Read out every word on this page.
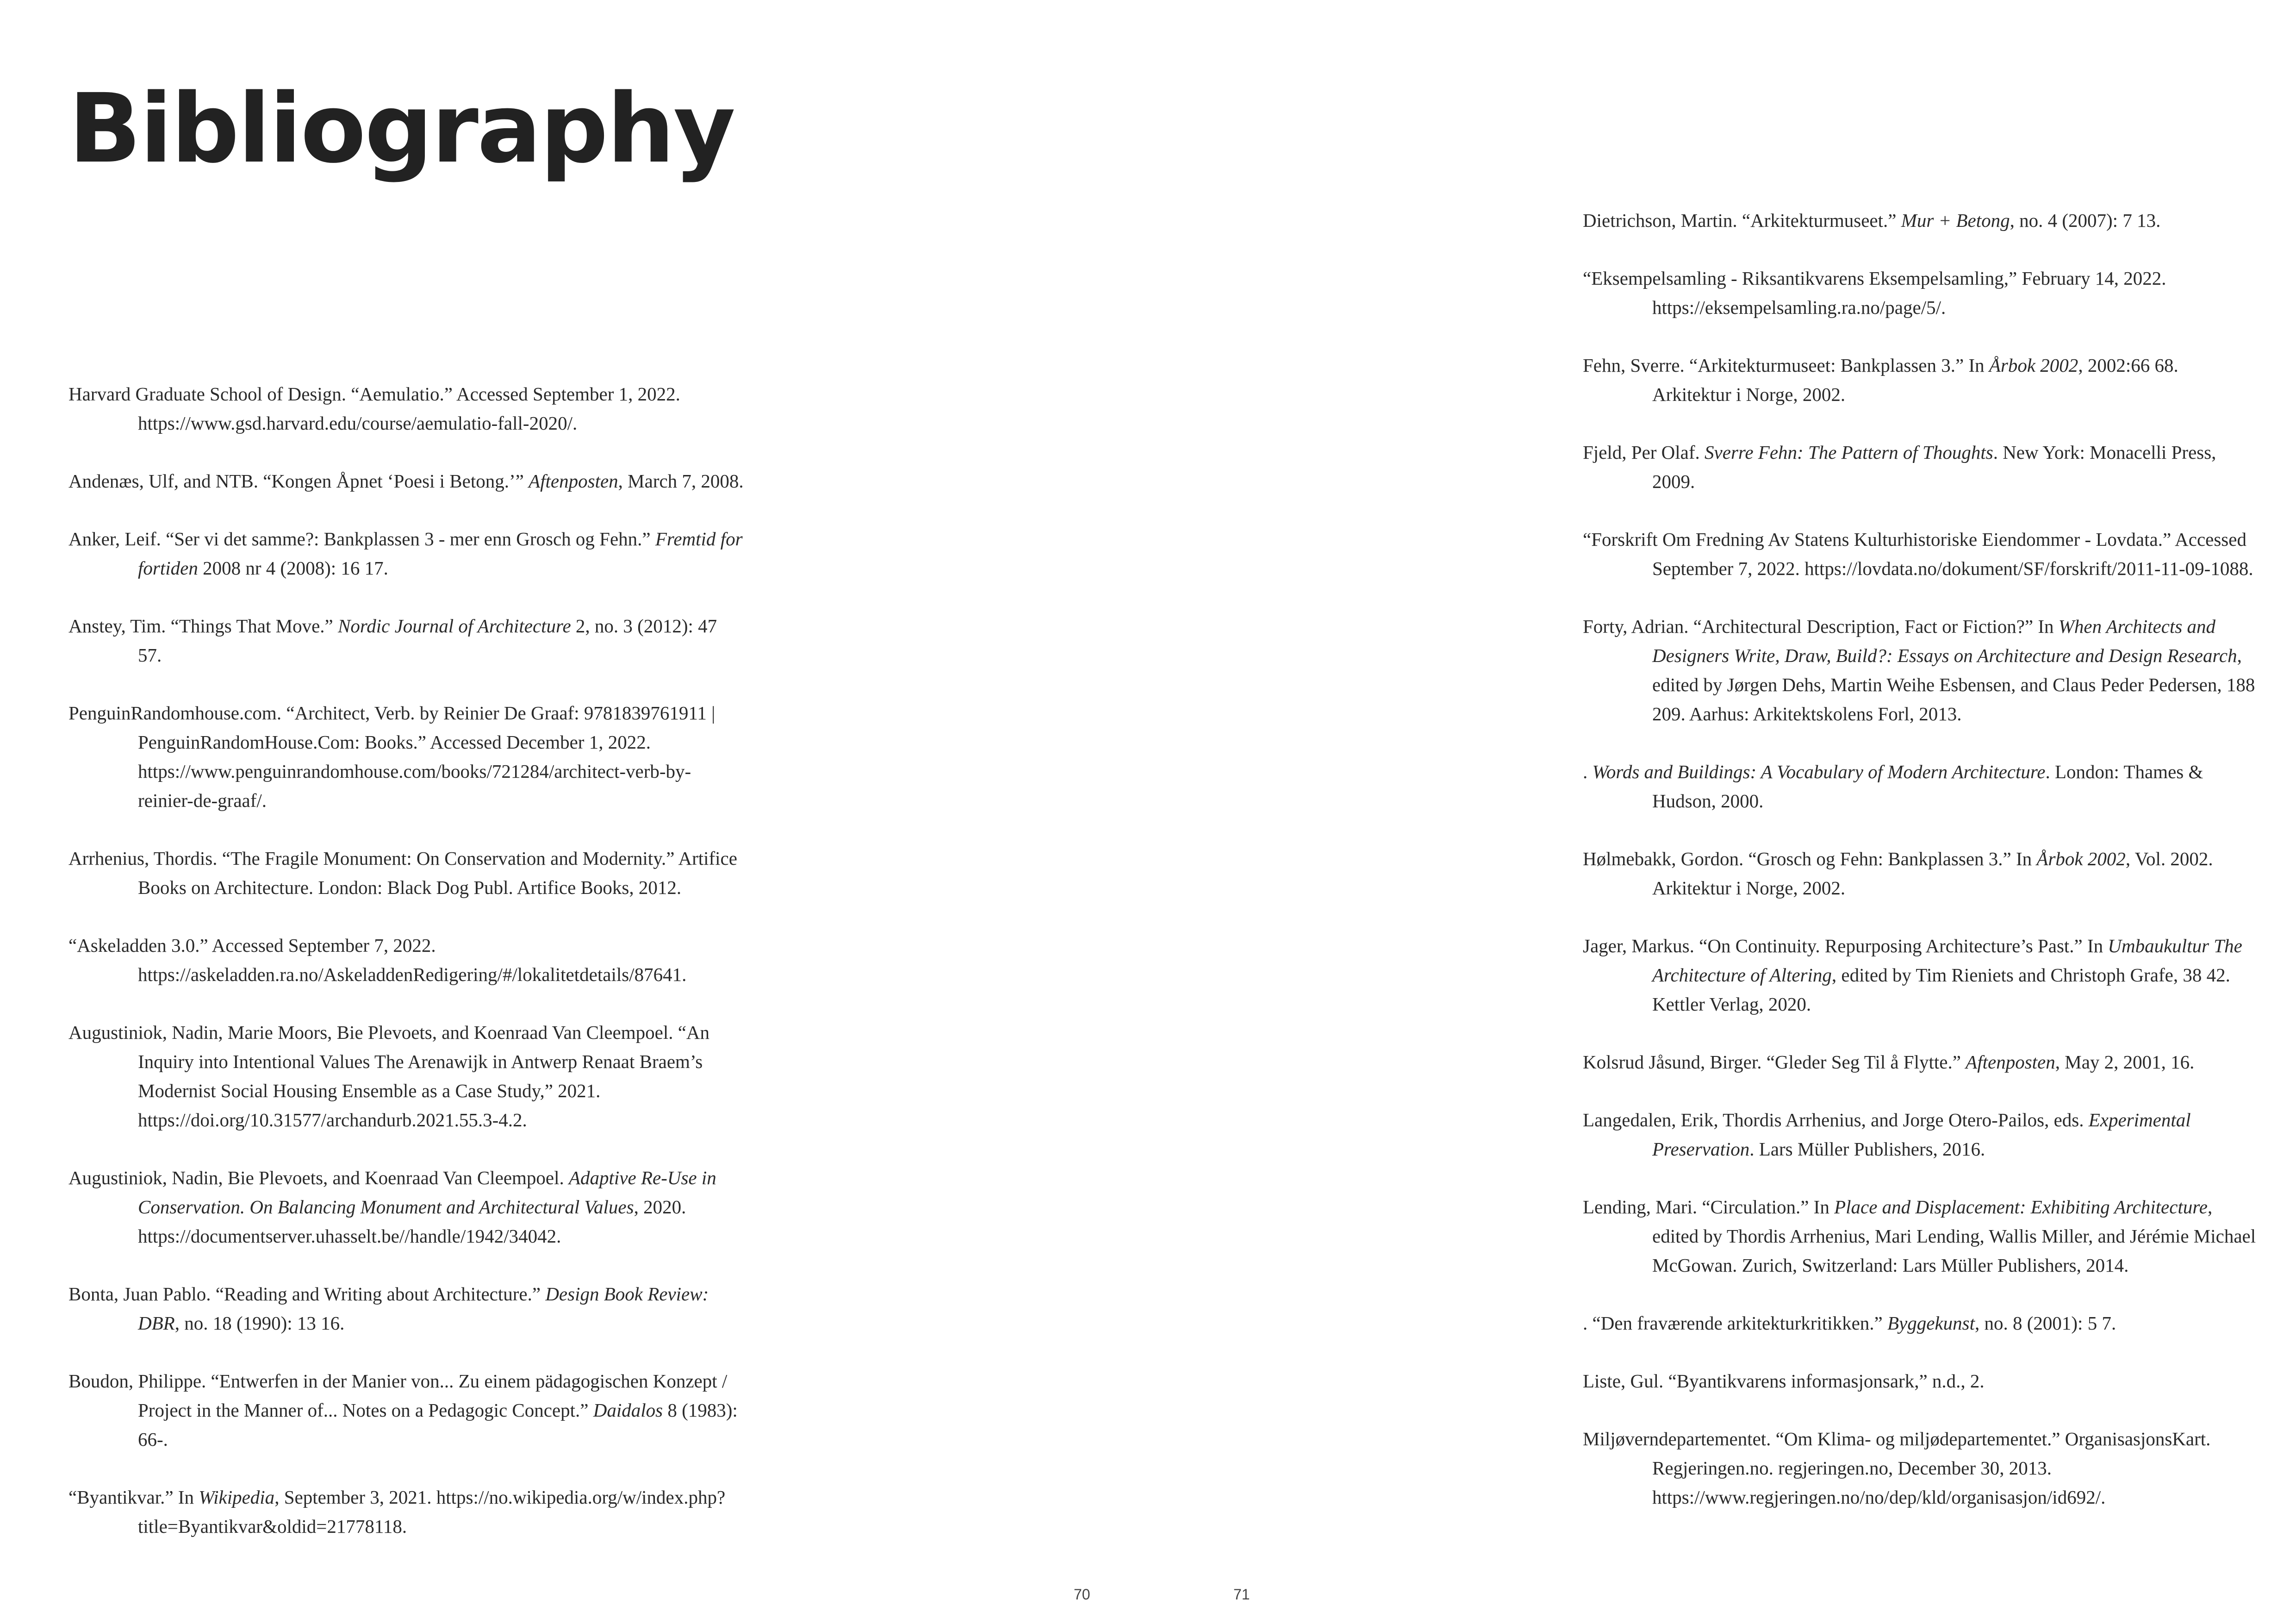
Bibliography

Harvard Graduate School of Design. “Aemulatio.” Accessed September 1, 2022. https://www.gsd.harvard.edu/course/aemulatio-fall-2020/.

Andenæs, Ulf, and NTB. “Kongen Åpnet ‘Poesi i Betong.’” Aftenposten, March 7, 2008.

Anker, Leif. “Ser vi det samme?: Bankplassen 3 - mer enn Grosch og Fehn.” Fremtid for fortiden 2008 nr 4 (2008): 16 17.

Anstey, Tim. “Things That Move.” Nordic Journal of Architecture 2, no. 3 (2012): 47 57.

PenguinRandomhouse.com. “Architect, Verb. by Reinier De Graaf: 9781839761911 | PenguinRandomHouse.Com: Books.” Accessed December 1, 2022. https://www.penguinrandomhouse.com/books/721284/architect-verb-by-reinier-de-graaf/.

Arrhenius, Thordis. “The Fragile Monument: On Conservation and Modernity.” Artifice Books on Architecture. London: Black Dog Publ. Artifice Books, 2012.

“Askeladden 3.0.” Accessed September 7, 2022. https://askeladden.ra.no/AskeladdenRedigering/#/lokalitetdetails/87641.

Augustiniok, Nadin, Marie Moors, Bie Plevoets, and Koenraad Van Cleempoel. “An Inquiry into Intentional Values The Arenawijk in Antwerp Renaat Braem’s Modernist Social Housing Ensemble as a Case Study,” 2021. https://doi.org/10.31577/archandurb.2021.55.3-4.2.

Augustiniok, Nadin, Bie Plevoets, and Koenraad Van Cleempoel. Adaptive Re-Use in Conservation. On Balancing Monument and Architectural Values, 2020. https://documentserver.uhasselt.be//handle/1942/34042.

Bonta, Juan Pablo. “Reading and Writing about Architecture.” Design Book Review: DBR, no. 18 (1990): 13 16.

Boudon, Philippe. “Entwerfen in der Manier von... Zu einem pädagogischen Konzept / Project in the Manner of... Notes on a Pedagogic Concept.” Daidalos 8 (1983): 66-.

“Byantikvar.” In Wikipedia, September 3, 2021. https://no.wikipedia.org/w/index.php?title=Byantikvar&oldid=21778118.

Dietrichson, Martin. “Arkitekturmuseet.” Mur + Betong, no. 4 (2007): 7 13.

“Eksempelsamling - Riksantikvarens Eksempelsamling,” February 14, 2022. https://eksempelsamling.ra.no/page/5/.

Fehn, Sverre. “Arkitekturmuseet: Bankplassen 3.” In Årbok 2002, 2002:66 68. Arkitektur i Norge, 2002.

Fjeld, Per Olaf. Sverre Fehn: The Pattern of Thoughts. New York: Monacelli Press, 2009.

“Forskrift Om Fredning Av Statens Kulturhistoriske Eiendommer - Lovdata.” Accessed September 7, 2022. https://lovdata.no/dokument/SF/forskrift/2011-11-09-1088.

Forty, Adrian. “Architectural Description, Fact or Fiction?” In When Architects and Designers Write, Draw, Build?: Essays on Architecture and Design Research, edited by Jørgen Dehs, Martin Weihe Esbensen, and Claus Peder Pedersen, 188 209. Aarhus: Arkitektskolens Forl, 2013.

. Words and Buildings: A Vocabulary of Modern Architecture. London: Thames & Hudson, 2000.

Hølmebakk, Gordon. “Grosch og Fehn: Bankplassen 3.” In Årbok 2002, Vol. 2002. Arkitektur i Norge, 2002.

Jager, Markus. “On Continuity. Repurposing Architecture’s Past.” In Umbaukultur The Architecture of Altering, edited by Tim Rieniets and Christoph Grafe, 38 42. Kettler Verlag, 2020.

Kolsrud Jåsund, Birger. “Gleder Seg Til å Flytte.” Aftenposten, May 2, 2001, 16.

Langedalen, Erik, Thordis Arrhenius, and Jorge Otero-Pailos, eds. Experimental Preservation. Lars Müller Publishers, 2016.

Lending, Mari. “Circulation.” In Place and Displacement: Exhibiting Architecture, edited by Thordis Arrhenius, Mari Lending, Wallis Miller, and Jérémie Michael McGowan. Zurich, Switzerland: Lars Müller Publishers, 2014.

. “Den fraværende arkitekturkritikken.” Byggekunst, no. 8 (2001): 5 7.

Liste, Gul. “Byantikvarens informasjonsark,” n.d., 2.

Miljøverndepartementet. “Om Klima- og miljødepartementet.” OrganisasjonsKart. Regjeringen.no. regjeringen.no, December 30, 2013. https://www.regjeringen.no/no/dep/kld/organisasjon/id692/.

70	71
